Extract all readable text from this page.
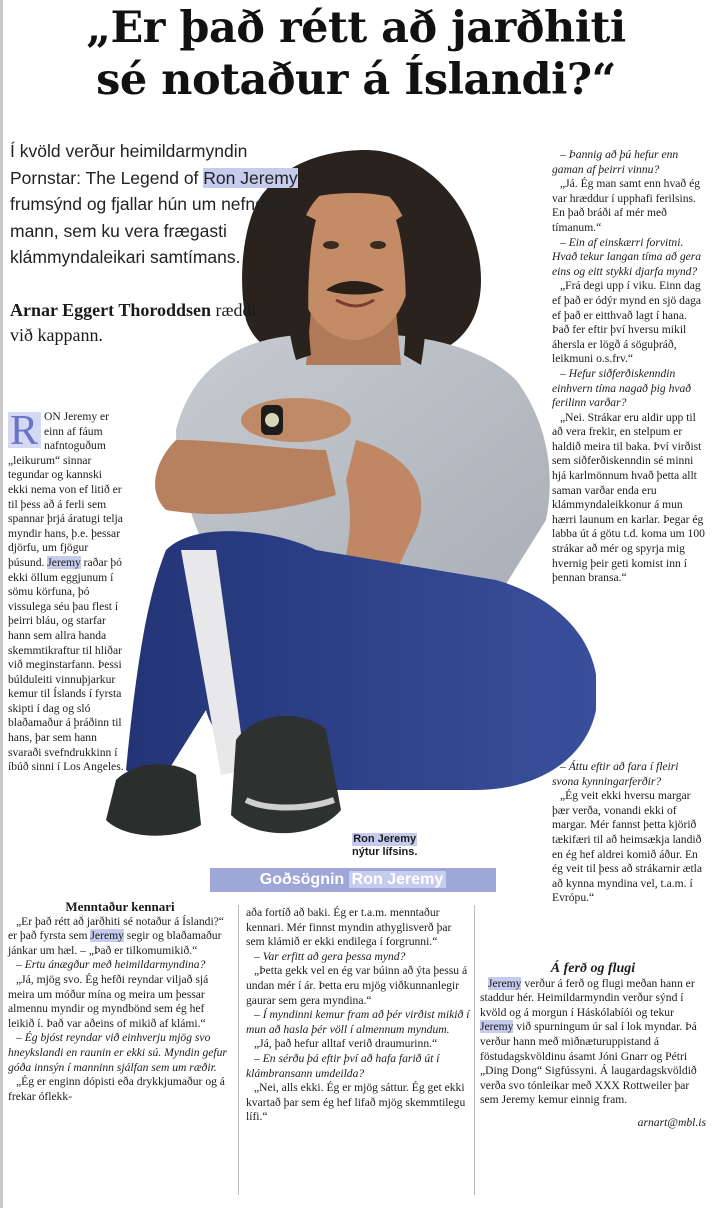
„Er það rétt að jarðhiti
sé notaður á Íslandi?“
Í kvöld verður heimildarmyndin Pornstar: The Legend of Ron Jeremy frumsýnd og fjallar hún um nefndan mann, sem ku vera frægasti klámmyndaleikari samtímans.
Arnar Eggert Thoroddsen ræddi við kappann.
R ON Jeremy er einn af fáum nafntoguðum „leikurum“ sinnar tegundar og kannski ekki nema von ef litið er til þess að á ferli sem spannar þrjá áratugi telja myndir hans, þ.e. þessar djörfu, um fjögur þúsund. Jeremy raðar þó ekki öllum eggjunum í sömu körfuna, þó vissulega séu þau flest í þeirri bláu, og starfar hann sem allra handa skemmtikraftur til hliðar við meginstarfann. Þessi búlduleiti vinnuþjarkur kemur til Íslands í fyrsta skipti í dag og sló blaðamaður á þráðinn til hans, þar sem hann svaraði svefndrukkinn í íbúð sinni í Los Angeles.

– Þannig að þú hefur enn gaman af þeirri vinnu?

„Já. Ég man samt enn hvað ég var hræddur í upphafi ferilsins. En það bráði af mér með tímanum.“

– Ein af einskærri forvitni. Hvað tekur langan tíma að gera eins og eitt stykki djarfa mynd?

„Frá degi upp í viku. Einn dag ef það er ódýr mynd en sjö daga ef það er eitthvað lagt í hana. Það fer eftir því hversu mikil áhersla er lögð á söguþráð, leikmuni o.s.frv.“

– Hefur siðferðiskenndin einhvern tíma nagað þig hvað ferilinn varðar?

„Nei. Strákar eru aldir upp til að vera frekir, en stelpum er haldið meira til baka. Því virðist sem siðferðiskenndin sé minni hjá karlmönnum hvað þetta allt saman varðar enda eru klámmyndaleikkonur á mun hærri launum en karlar. Þegar ég labba út á götu t.d. koma um 100 strákar að mér og spyrja mig hvernig þeir geti komist inn í þennan bransa.“

– Áttu eftir að fara í fleiri svona kynningarferðir?

„Ég veit ekki hversu margar þær verða, vonandi ekki of margar. Mér fannst þetta kjörið tækifæri til að heimsækja landið en ég hef aldrei komið áður. En ég veit til þess að strákarnir ætla að kynna myndina vel, t.a.m. í Evrópu.“

Á ferð og flugi

Jeremy verður á ferð og flugi meðan hann er staddur hér. Heimildarmyndin verður sýnd í kvöld og á morgun í Háskólabíói og tekur Jeremy við spurningum úr sal í lok myndar. Þá verður hann með miðnæturuppistand á föstudagskvöldinu ásamt Jóni Gnarr og Pétri „Ding Dong“ Sigfússyni. Á laugardagskvöldið verða svo tónleikar með XXX Rottweiler þar sem Jeremy kemur einnig fram.

arnart@mbl.is

Ron Jeremy
nýtur lífsins.
Goðsögnin Ron Jeremy

Menntaður kennari

„Er það rétt að jarðhiti sé notaður á Íslandi?“ er það fyrsta sem Jeremy segir og blaðamaður jánkar um hæl. – „Það er tilkomumikið.“

– Ertu ánægður með heimildarmyndina?

„Já, mjög svo. Ég hefði reyndar viljað sjá meira um móður mína og meira um þessar almennu myndir og myndbönd sem ég hef leikið í. Það var aðeins of mikið af klámi.“

– Ég bjóst reyndar við einhverju mjög svo hneykslandi en raunin er ekki sú. Myndin gefur góða innsýn í manninn sjálfan sem um ræðir.

„Ég er enginn dópisti eða drykkjumaður og á frekar óflekk-

aða fortíð að baki. Ég er t.a.m. menntaður kennari. Mér finnst myndin athyglisverð þar sem klámið er ekki endilega í forgrunni.“

– Var erfitt að gera þessa mynd?

„Þetta gekk vel en ég var búinn að ýta þessu á undan mér í ár. Þetta eru mjög viðkunnanlegir gaurar sem gera myndina.“

– Í myndinni kemur fram að þér virðist mikið í mun að hasla þér völl í almennum myndum.

„Já, það hefur alltaf verið draumurinn.“

– En sérðu þá eftir því að hafa farið út í klámbransann umdeilda?

„Nei, alls ekki. Ég er mjög sáttur. Ég get ekki kvartað þar sem ég hef lifað mjög skemmtilegu lífi.“
